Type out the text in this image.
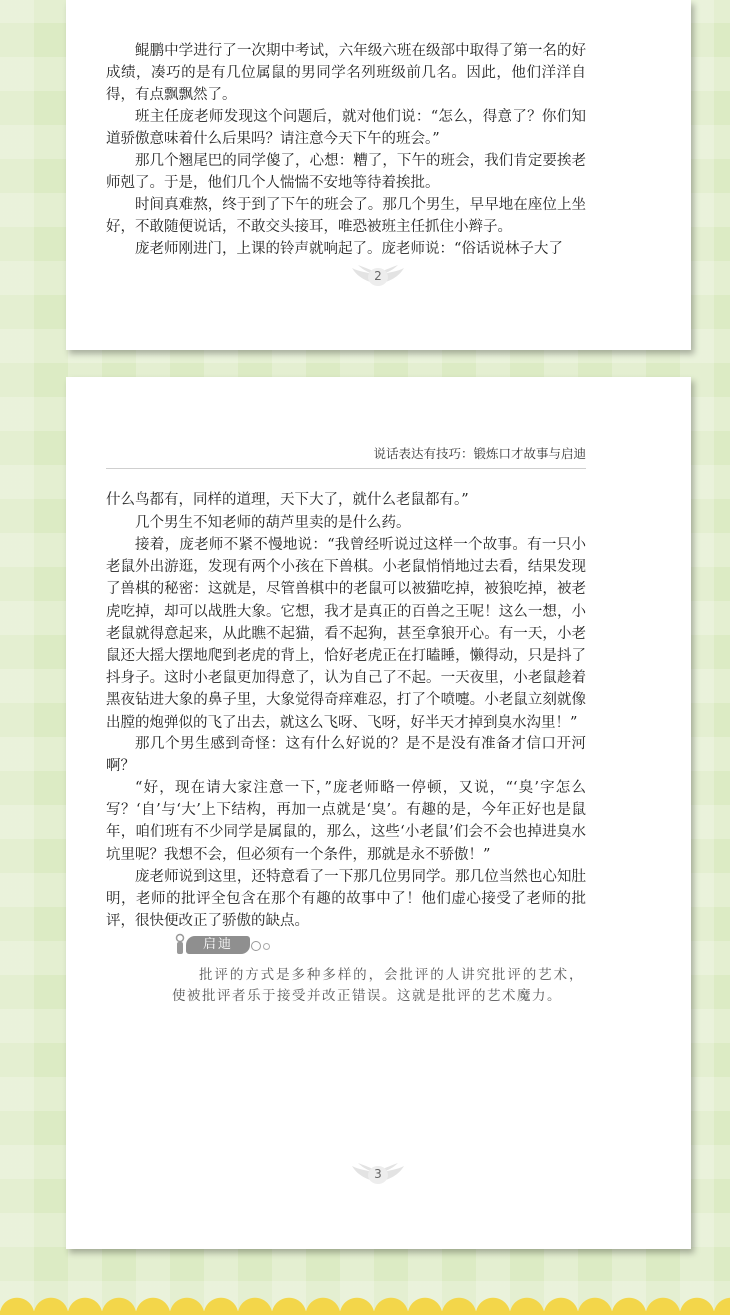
鲲鹏中学进行了一次期中考试，六年级六班在级部中取得了第一名的好成绩，凑巧的是有几位属鼠的男同学名列班级前几名。因此，他们洋洋自得，有点飘飘然了。

班主任庞老师发现这个问题后，就对他们说：“怎么，得意了？你们知道骄傲意味着什么后果吗？请注意今天下午的班会。”

那几个翘尾巴的同学傻了，心想：糟了，下午的班会，我们肯定要挨老师剋了。于是，他们几个人惴惴不安地等待着挨批。

时间真难熬，终于到了下午的班会了。那几个男生，早早地在座位上坐好，不敢随便说话，不敢交头接耳，唯恐被班主任抓住小辫子。

庞老师刚进门，上课的铃声就响起了。庞老师说：“俗话说林子大了

2
说话表达有技巧：锻炼口才故事与启迪

什么鸟都有，同样的道理，天下大了，就什么老鼠都有。”

几个男生不知老师的葫芦里卖的是什么药。

接着，庞老师不紧不慢地说：“我曾经听说过这样一个故事。有一只小老鼠外出游逛，发现有两个小孩在下兽棋。小老鼠悄悄地过去看，结果发现了兽棋的秘密：这就是，尽管兽棋中的老鼠可以被猫吃掉，被狼吃掉，被老虎吃掉，却可以战胜大象。它想，我才是真正的百兽之王呢！这么一想，小老鼠就得意起来，从此瞧不起猫，看不起狗，甚至拿狼开心。有一天，小老鼠还大摇大摆地爬到老虎的背上，恰好老虎正在打瞌睡，懒得动，只是抖了抖身子。这时小老鼠更加得意了，认为自己了不起。一天夜里，小老鼠趁着黑夜钻进大象的鼻子里，大象觉得奇痒难忍，打了个喷嚏。小老鼠立刻就像出膛的炮弹似的飞了出去，就这么飞呀、飞呀，好半天才掉到臭水沟里！”

那几个男生感到奇怪：这有什么好说的？是不是没有准备才信口开河啊？

“好，现在请大家注意一下，”庞老师略一停顿，又说，“‘臭’字怎么写？‘自’与‘大’上下结构，再加一点就是‘臭’。有趣的是，今年正好也是鼠年，咱们班有不少同学是属鼠的，那么，这些‘小老鼠’们会不会也掉进臭水坑里呢？我想不会，但必须有一个条件，那就是永不骄傲！”

庞老师说到这里，还特意看了一下那几位男同学。那几位当然也心知肚明，老师的批评全包含在那个有趣的故事中了！他们虚心接受了老师的批评，很快便改正了骄傲的缺点。

启迪

批评的方式是多种多样的，会批评的人讲究批评的艺术，使被批评者乐于接受并改正错误。这就是批评的艺术魔力。

3
